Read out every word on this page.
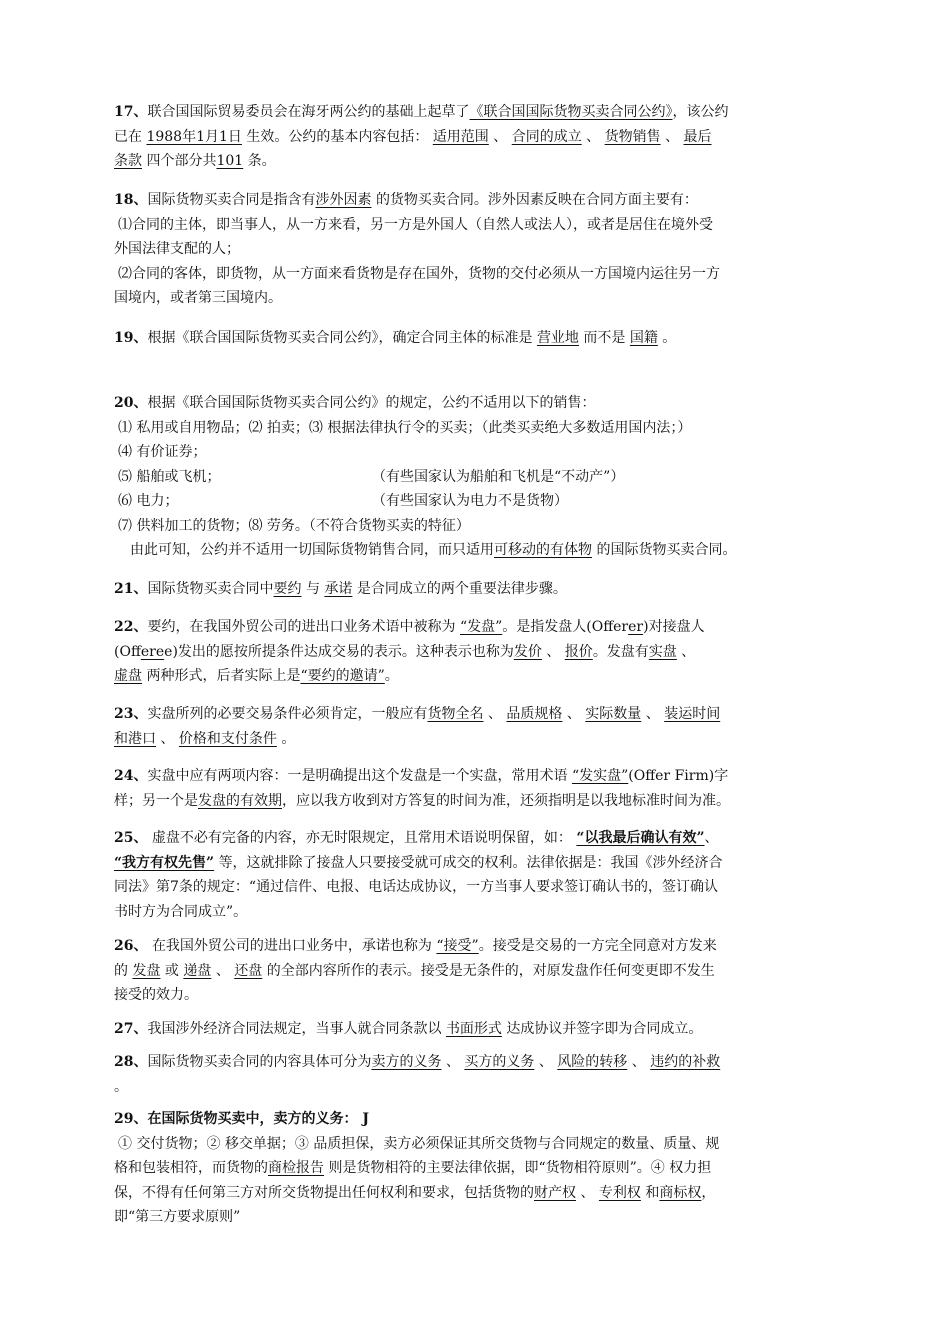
17、联合国国际贸易委员会在海牙两公约的基础上起草了《联合国国际货物买卖合同公约》，该公约
已在 1988年1月1日 生效。公约的基本内容包括： 适用范围 、 合同的成立 、 货物销售 、 最后
条款 四个部分共101 条。
18、国际货物买卖合同是指含有涉外因素 的货物买卖合同。涉外因素反映在合同方面主要有：
⑴合同的主体，即当事人，从一方来看，另一方是外国人（自然人或法人），或者是居住在境外受
外国法律支配的人；
⑵合同的客体，即货物，从一方面来看货物是存在国外，货物的交付必须从一方国境内运往另一方
国境内，或者第三国境内。
19、根据《联合国国际货物买卖合同公约》，确定合同主体的标准是 营业地 而不是 国籍 。
20、根据《联合国国际货物买卖合同公约》的规定，公约不适用以下的销售：
⑴ 私用或自用物品；⑵ 拍卖；⑶ 根据法律执行令的买卖；（此类买卖绝大多数适用国内法；）
⑷ 有价证券；
⑸ 船舶或飞机；	（有些国家认为船舶和飞机是“不动产”）
⑹ 电力；	（有些国家认为电力不是货物）
⑺ 供料加工的货物；⑻ 劳务。（不符合货物买卖的特征）
由此可知，公约并不适用一切国际货物销售合同，而只适用可移动的有体物 的国际货物买卖合同。
21、国际货物买卖合同中要约 与 承诺 是合同成立的两个重要法律步骤。
22、要约，在我国外贸公司的进出口业务术语中被称为 “发盘”。是指发盘人(Offerer)对接盘人
(Offeree)发出的愿按所提条件达成交易的表示。这种表示也称为发价 、 报价。发盘有实盘 、
虚盘 两种形式，后者实际上是“要约的邀请”。
23、实盘所列的必要交易条件必须肯定，一般应有货物全名 、 品质规格 、 实际数量 、 装运时间
和港口 、 价格和支付条件 。
24、实盘中应有两项内容：一是明确提出这个发盘是一个实盘，常用术语 “发实盘”(Offer Firm)字
样；另一个是发盘的有效期，应以我方收到对方答复的时间为准，还须指明是以我地标准时间为准。
25、 虚盘不必有完备的内容，亦无时限规定，且常用术语说明保留，如： “以我最后确认有效”、
“我方有权先售” 等，这就排除了接盘人只要接受就可成交的权利。法律依据是：我国《涉外经济合
同法》第7条的规定：“通过信件、电报、电话达成协议，一方当事人要求签订确认书的，签订确认
书时方为合同成立”。
26、 在我国外贸公司的进出口业务中，承诺也称为 “接受”。接受是交易的一方完全同意对方发来
的 发盘 或 递盘 、 还盘 的全部内容所作的表示。接受是无条件的，对原发盘作任何变更即不发生
接受的效力。
27、我国涉外经济合同法规定，当事人就合同条款以 书面形式 达成协议并签字即为合同成立。
28、国际货物买卖合同的内容具体可分为卖方的义务 、 买方的义务 、 风险的转移 、 违约的补救
。
29、在国际货物买卖中，卖方的义务： J
① 交付货物；② 移交单据；③ 品质担保，卖方必须保证其所交货物与合同规定的数量、质量、规
格和包装相符，而货物的商检报告 则是货物相符的主要法律依据，即“货物相符原则”。④ 权力担
保，不得有任何第三方对所交货物提出任何权利和要求，包括货物的财产权 、 专利权 和商标权，
即“第三方要求原则”
